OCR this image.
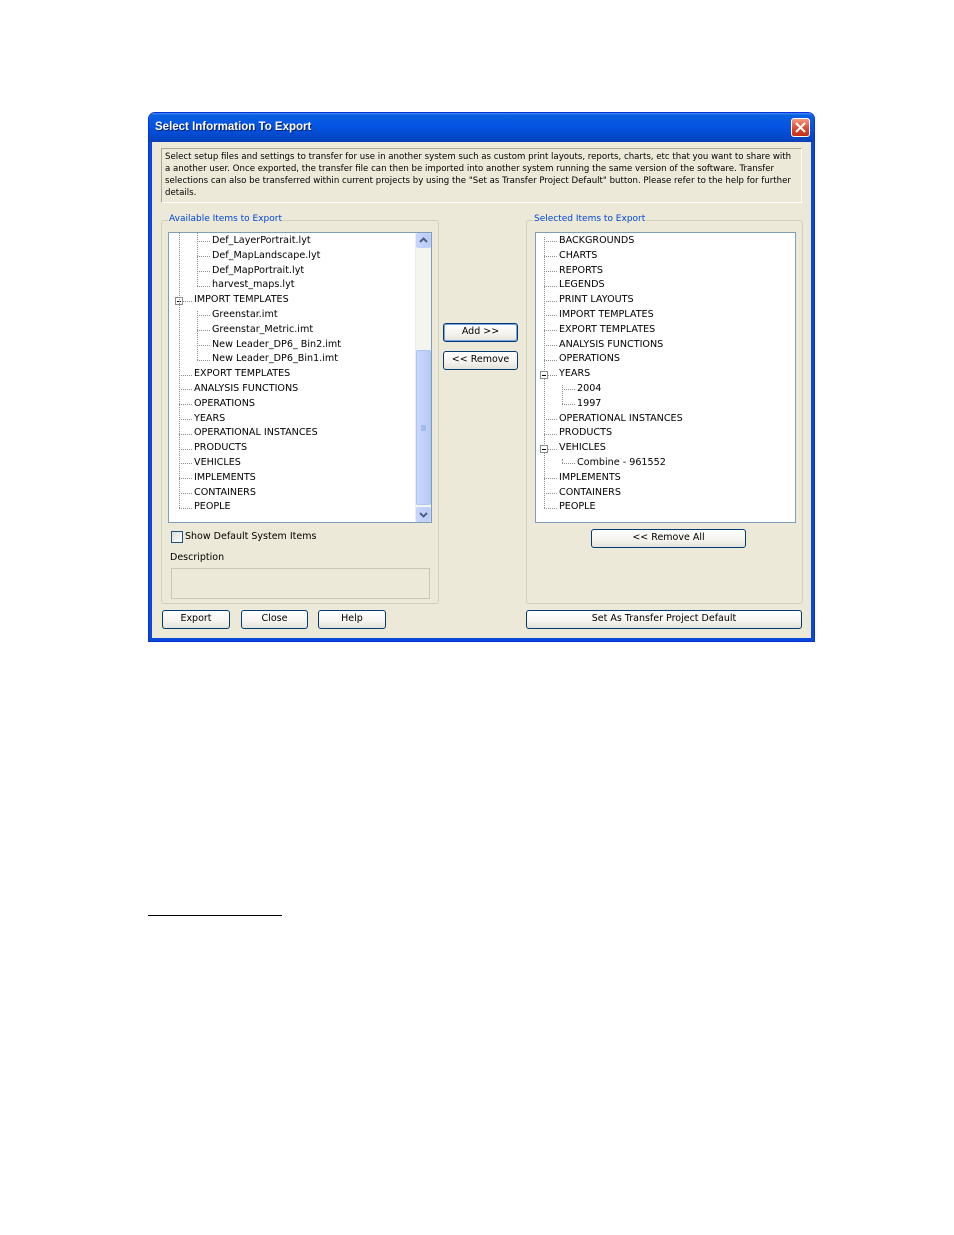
Select Information To Export
Select setup files and settings to transfer for use in another system such as custom print layouts, reports, charts, etc that you want to share with a another user. Once exported, the transfer file can then be imported into another system running the same version of the software. Transfer selections can also be transferred within current projects by using the "Set as Transfer Project Default" button. Please refer to the help for further details.
Available Items to Export
Def_LayerPortrait.lyt
Def_MapLandscape.lyt
Def_MapPortrait.lyt
harvest_maps.lyt
IMPORT TEMPLATES
Greenstar.imt
Greenstar_Metric.imt
New Leader_DP6_ Bin2.imt
New Leader_DP6_Bin1.imt
EXPORT TEMPLATES
ANALYSIS FUNCTIONS
OPERATIONS
YEARS
OPERATIONAL INSTANCES
PRODUCTS
VEHICLES
IMPLEMENTS
CONTAINERS
PEOPLE
Show Default System Items
Description
Add >>
<< Remove
Selected Items to Export
BACKGROUNDS
CHARTS
REPORTS
LEGENDS
PRINT LAYOUTS
IMPORT TEMPLATES
EXPORT TEMPLATES
ANALYSIS FUNCTIONS
OPERATIONS
YEARS
2004
1997
OPERATIONAL INSTANCES
PRODUCTS
VEHICLES
Combine - 961552
IMPLEMENTS
CONTAINERS
PEOPLE
<< Remove All
Export	Close	Help	Set As Transfer Project Default
